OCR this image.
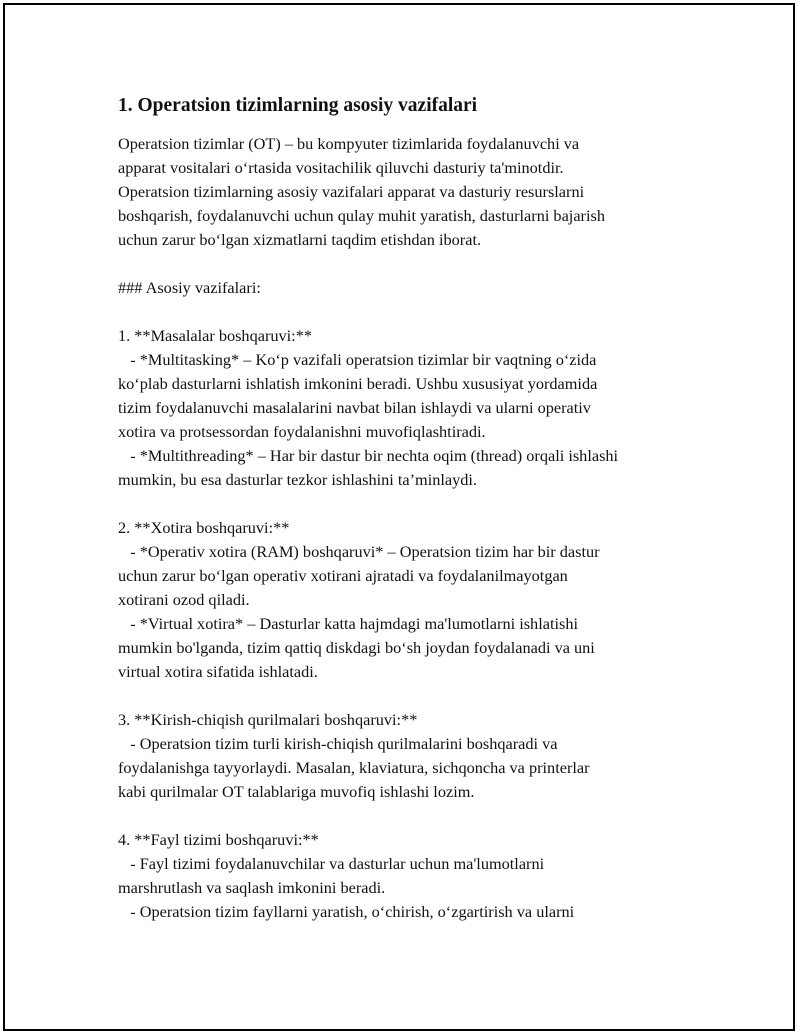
1. Operatsion tizimlarning asosiy vazifalari
Operatsion tizimlar (OT) – bu kompyuter tizimlarida foydalanuvchi va
apparat vositalari o‘rtasida vositachilik qiluvchi dasturiy ta'minotdir.
Operatsion tizimlarning asosiy vazifalari apparat va dasturiy resurslarni
boshqarish, foydalanuvchi uchun qulay muhit yaratish, dasturlarni bajarish
uchun zarur bo‘lgan xizmatlarni taqdim etishdan iborat.
### Asosiy vazifalari:
1. **Masalalar boshqaruvi:**
- *Multitasking* – Ko‘p vazifali operatsion tizimlar bir vaqtning o‘zida
ko‘plab dasturlarni ishlatish imkonini beradi. Ushbu xususiyat yordamida
tizim foydalanuvchi masalalarini navbat bilan ishlaydi va ularni operativ
xotira va protsessordan foydalanishni muvofiqlashtiradi.
- *Multithreading* – Har bir dastur bir nechta oqim (thread) orqali ishlashi
mumkin, bu esa dasturlar tezkor ishlashini ta’minlaydi.
2. **Xotira boshqaruvi:**
- *Operativ xotira (RAM) boshqaruvi* – Operatsion tizim har bir dastur
uchun zarur bo‘lgan operativ xotirani ajratadi va foydalanilmayotgan
xotirani ozod qiladi.
- *Virtual xotira* – Dasturlar katta hajmdagi ma'lumotlarni ishlatishi
mumkin bo'lganda, tizim qattiq diskdagi bo‘sh joydan foydalanadi va uni
virtual xotira sifatida ishlatadi.
3. **Kirish-chiqish qurilmalari boshqaruvi:**
- Operatsion tizim turli kirish-chiqish qurilmalarini boshqaradi va
foydalanishga tayyorlaydi. Masalan, klaviatura, sichqoncha va printerlar
kabi qurilmalar OT talablariga muvofiq ishlashi lozim.
4. **Fayl tizimi boshqaruvi:**
- Fayl tizimi foydalanuvchilar va dasturlar uchun ma'lumotlarni
marshrutlash va saqlash imkonini beradi.
- Operatsion tizim fayllarni yaratish, o‘chirish, o‘zgartirish va ularni
